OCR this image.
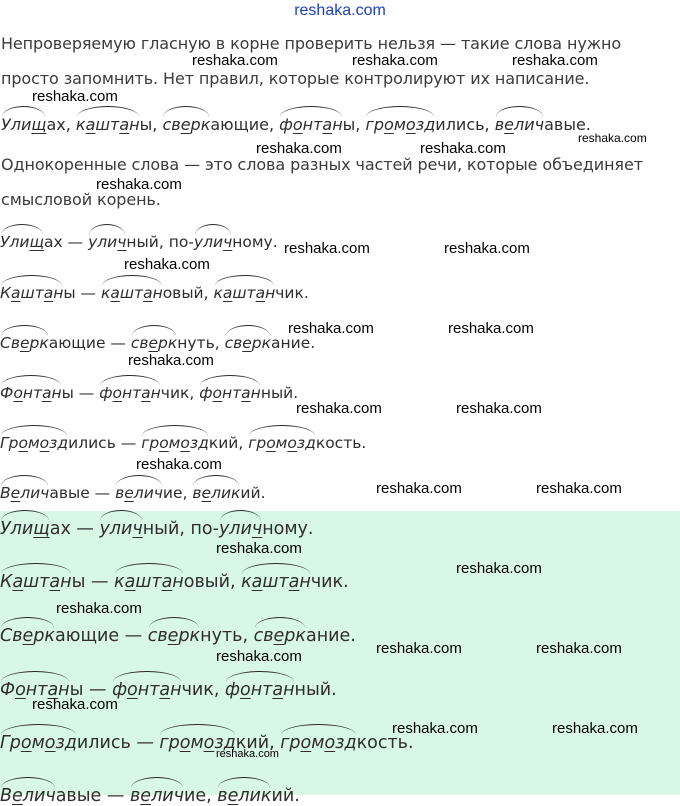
reshaka.com
Непроверяемую гласную в корне проверить нельзя — такие слова нужно просто запомнить. Нет правил, которые контролируют их написание.
Улищах, каштаны, сверкающие, фонтаны, громоздились, величавые.
Однокоренные слова — это слова разных частей речи, которые объединяет смысловой корень.
Улищах — уличный, по-уличному.
Каштаны — каштановый, каштанчик.
Сверкающие — сверкнуть, сверкание.
Фонтаны — фонтанчик, фонтанный.
Громоздились — громоздкий, громоздкость.
Величавые — величие, великий.
Улищах — уличный, по-уличному.
Каштаны — каштановый, каштанчик.
Сверкающие — сверкнуть, сверкание.
Фонтаны — фонтанчик, фонтанный.
Громоздились — громоздкий, громоздкость.
Величавые — величие, великий.
reshaka.com	reshaka.com	reshaka.com
reshaka.com
reshaka.com
reshaka.com	reshaka.com
reshaka.com
reshaka.com	reshaka.com
reshaka.com
reshaka.com	reshaka.com
reshaka.com
reshaka.com	reshaka.com
reshaka.com
reshaka.com	reshaka.com
reshaka.com
reshaka.com
reshaka.com
reshaka.com	reshaka.com
reshaka.com
reshaka.com
reshaka.com	reshaka.com
reshaka.com
